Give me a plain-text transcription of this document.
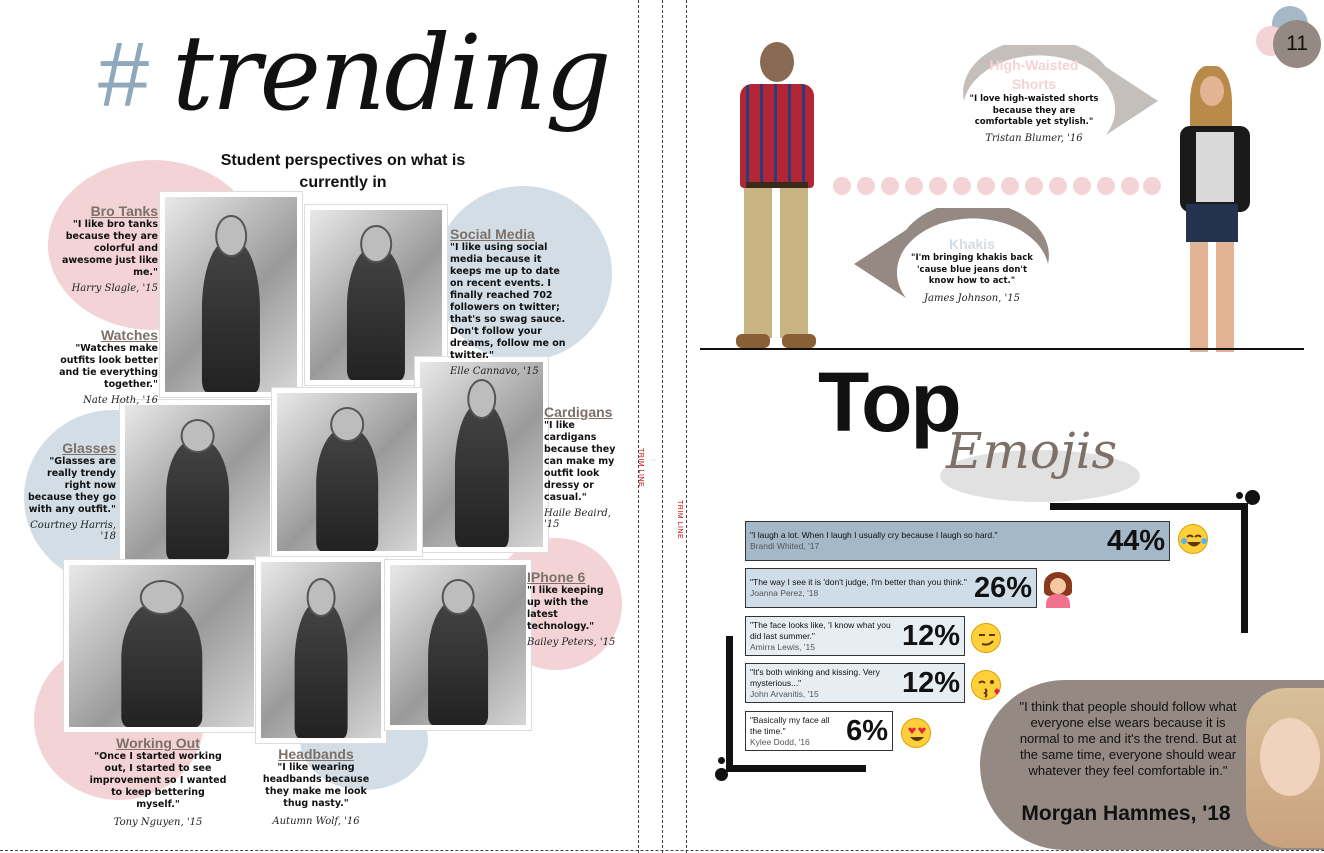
# trending
Student perspectives on what is currently in
Bro Tanks
"I like bro tanks because they are colorful and awesome just like me."
Harry Slagle, '15
Watches
"Watches make outfits look better and tie everything together."
Nate Hoth, '16
Social Media
"I like using social media because it keeps me up to date on recent events. I finally reached 702 followers on twitter; that's so swag sauce. Don't follow your dreams, follow me on twitter."
Elle Cannavo, '15
Cardigans
"I like cardigans because they can make my outfit look dressy or casual."
Haile Beaird, '15
Glasses
"Glasses are really trendy right now because they go with any outfit."
Courtney Harris, '18
IPhone 6
"I like keeping up with the latest technology."
Bailey Peters, '15
Working Out
"Once I started working out, I started to see improvement so I wanted to keep bettering myself."
Tony Nguyen, '15
Headbands
"I like wearing headbands because they make me look thug nasty."
Autumn Wolf, '16
TRIM LINE
TRIM LINE
11
High-Waisted Shorts
"I love high-waisted shorts because they are comfortable yet stylish."
Tristan Blumer, '16
Khakis
"I'm bringing khakis back 'cause blue jeans don't know how to act."
James Johnson, '15
Top
Emojis
"I laugh a lot. When I laugh I usually cry because I laugh so hard."
Brandi Whited, '17	44%
"The way I see it is 'don't judge, I'm better than you think." Joanna Perez, '18	26%
"The face looks like, 'I know what you did last summer."
Amirra Lewis, '15	12%
"It's both winking and kissing. Very mysterious..."
John Arvanitis, '15	12%
"Basically my face all the time."
Kylee Dodd, '16	6%
"I think that people should follow what everyone else wears because it is normal to me and it's the trend. But at the same time, everyone should wear whatever they feel comfortable in."
Morgan Hammes, '18
